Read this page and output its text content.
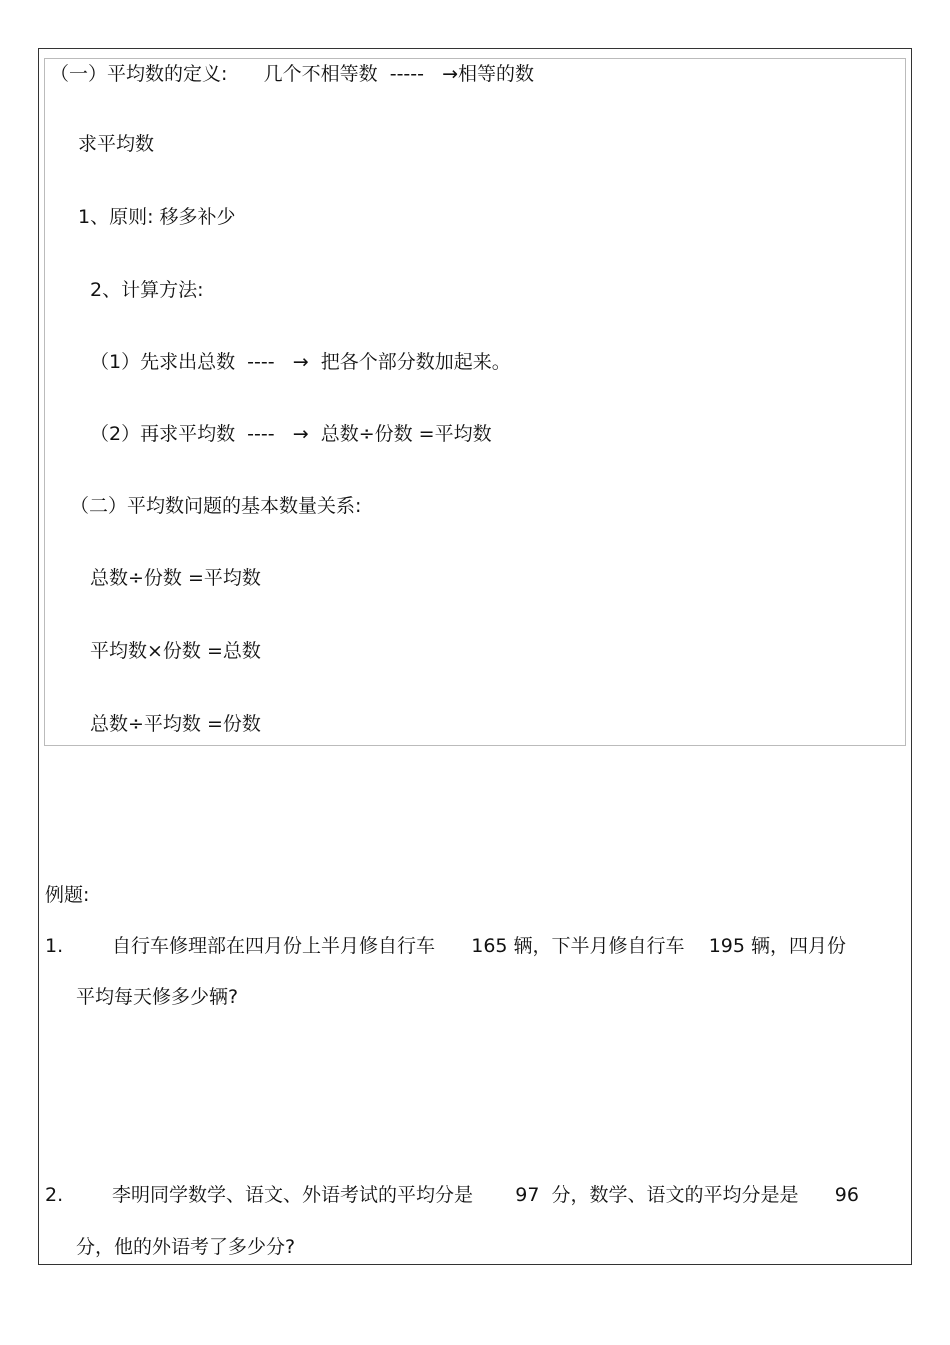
（一）平均数的定义:      几个不相等数  -----   →相等的数
求平均数
1、原则: 移多补少
2、计算方法:
（1）先求出总数  ----   →  把各个部分数加起来。
（2）再求平均数  ----   →  总数÷份数 =平均数
（二）平均数问题的基本数量关系:
总数÷份数 =平均数
平均数×份数 =总数
总数÷平均数 =份数
例题:
1.	自行车修理部在四月份上半月修自行车      165 辆，下半月修自行车    195 辆，四月份
平均每天修多少辆?
2.	李明同学数学、语文、外语考试的平均分是       97  分，数学、语文的平均分是是      96
分，他的外语考了多少分?
